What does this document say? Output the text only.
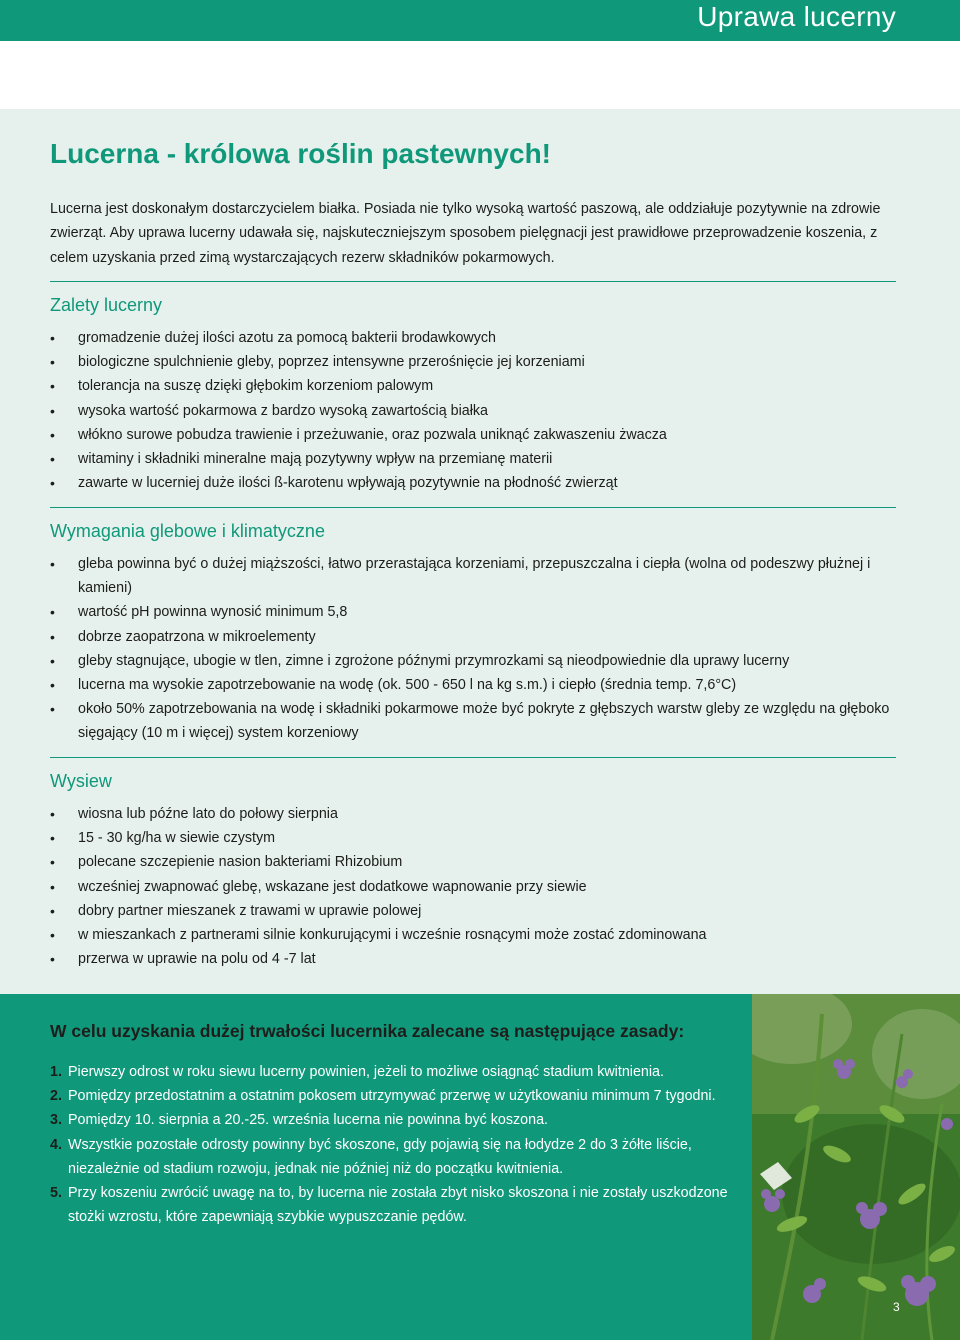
Uprawa lucerny
Lucerna - królowa roślin pastewnych!
Lucerna jest doskonałym dostarczycielem białka. Posiada nie tylko wysoką wartość paszową, ale oddziałuje pozytywnie na zdrowie zwierząt. Aby uprawa lucerny udawała się, najskuteczniejszym sposobem pielęgnacji jest prawidłowe przeprowadzenie koszenia, z celem uzyskania przed zimą wystarczających rezerw składników pokarmowych.
Zalety lucerny
• gromadzenie dużej ilości azotu za pomocą bakterii brodawkowych
• biologiczne spulchnienie gleby, poprzez intensywne przerośnięcie jej korzeniami
• tolerancja na suszę dzięki głębokim korzeniom palowym
• wysoka wartość pokarmowa z bardzo wysoką zawartością białka
• włókno surowe pobudza trawienie i przeżuwanie, oraz pozwala uniknąć zakwaszeniu żwacza
• witaminy i składniki mineralne mają pozytywny wpływ na przemianę materii
• zawarte w lucerniej duże ilości ß-karotenu wpływają pozytywnie na płodność zwierząt
Wymagania glebowe i klimatyczne
• gleba powinna być o dużej miąższości, łatwo przerastająca korzeniami, przepuszczalna i ciepła (wolna od podeszwy płużnej i kamieni)
• wartość pH powinna wynosić minimum 5,8
• dobrze zaopatrzona w mikroelementy
• gleby stagnujące, ubogie w tlen, zimne i zgrożone późnymi przymrozkami są nieodpowiednie dla uprawy lucerny
• lucerna ma wysokie zapotrzebowanie na wodę (ok. 500 - 650 l na kg s.m.) i ciepło (średnia temp. 7,6°C)
• około 50% zapotrzebowania na wodę i składniki pokarmowe może być pokryte z głębszych warstw gleby ze względu na głęboko sięgający (10 m i więcej) system korzeniowy
Wysiew
• wiosna lub późne lato do połowy sierpnia
• 15 - 30 kg/ha w siewie czystym
• polecane szczepienie nasion bakteriami Rhizobium
• wcześniej zwapnować glebę, wskazane jest dodatkowe wapnowanie przy siewie
• dobry partner mieszanek z trawami w uprawie polowej
• w mieszankach z partnerami silnie konkurującymi i wcześnie rosnącymi może zostać zdominowana
• przerwa w uprawie na polu od 4 -7 lat
W celu uzyskania dużej trwałości lucernika zalecane są następujące zasady:
1. Pierwszy odrost w roku siewu lucerny powinien, jeżeli to możliwe osiągnąć stadium kwitnienia.
2. Pomiędzy przedostatnim a ostatnim pokosem utrzymywać przerwę w użytkowaniu minimum 7 tygodni.
3. Pomiędzy 10. sierpnia a 20.-25. września lucerna nie powinna być koszona.
4. Wszystkie pozostałe odrosty powinny być skoszone, gdy pojawią się na łodydze 2 do 3 żółte liście, niezależnie od stadium rozwoju, jednak nie później niż do początku kwitnienia.
5. Przy koszeniu zwrócić uwagę na to, by lucerna nie została zbyt nisko skoszona i nie zostały uszkodzone stożki wzrostu, które zapewniają szybkie wypuszczanie pędów.
3
